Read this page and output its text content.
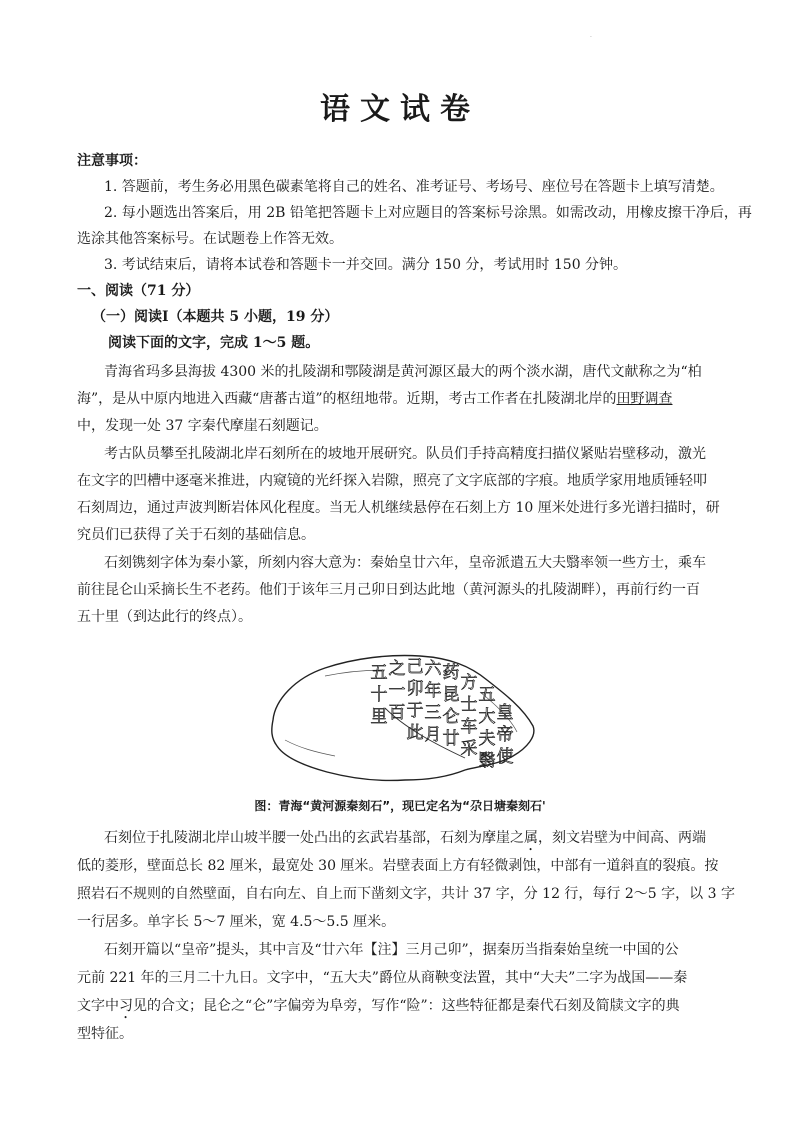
·
语文试卷
注意事项：
1. 答题前，考生务必用黑色碳素笔将自己的姓名、准考证号、考场号、座位号在答题卡上填写清楚。
2. 每小题选出答案后，用 2B 铅笔把答题卡上对应题目的答案标号涂黑。如需改动，用橡皮擦干净后，再
选涂其他答案标号。在试题卷上作答无效。
3. 考试结束后，请将本试卷和答题卡一并交回。满分 150 分，考试用时 150 分钟。
一、阅读（71 分）
（一）阅读Ⅰ（本题共 5 小题，19 分）
阅读下面的文字，完成 1～5 题。
青海省玛多县海拔 4300 米的扎陵湖和鄂陵湖是黄河源区最大的两个淡水湖，唐代文献称之为“柏
海”，是从中原内地进入西藏“唐蕃古道”的枢纽地带。近期，考古工作者在扎陵湖北岸的田野调查
中，发现一处 37 字秦代摩崖石刻题记。
考古队员攀至扎陵湖北岸石刻所在的坡地开展研究。队员们手持高精度扫描仪紧贴岩壁移动，激光
在文字的凹槽中逐毫米推进，内窥镜的光纤探入岩隙，照亮了文字底部的字痕。地质学家用地质锤轻叩
石刻周边，通过声波判断岩体风化程度。当无人机继续悬停在石刻上方 10 厘米处进行多光谱扫描时，研
究员们已获得了关于石刻的基础信息。
石刻镌刻字体为秦小篆，所刻内容大意为：秦始皇廿六年，皇帝派遣五大夫翳率领一些方士，乘车
前往昆仑山采摘长生不老药。他们于该年三月己卯日到达此地（黄河源头的扎陵湖畔），再前行约一百
五十里（到达此行的终点）。
皇
帝
使
五
大
夫
翳
方
士
车
采
药
昆
仑
廿
六
年
三
月
己
卯
于
此
之
一
百
五
十
里
图：青海“黄河源秦刻石”，现已定名为“尕日塘秦刻石'
石刻位于扎陵湖北岸山坡半腰一处凸出的玄武岩基部，石刻为摩崖之属，刻文岩壁为中间高、两端
低的菱形，壁面总长 82 厘米，最宽处 30 厘米。岩壁表面上方有轻微剥蚀，中部有一道斜直的裂痕。按
照岩石不规则的自然壁面，自右向左、自上而下凿刻文字，共计 37 字，分 12 行，每行 2～5 字，以 3 字
一行居多。单字长 5～7 厘米，宽 4.5～5.5 厘米。
石刻开篇以“皇帝”提头，其中言及“廿六年【注】三月己卯”，据秦历当指秦始皇统一中国的公
元前 221 年的三月二十九日。文字中，“五大夫”爵位从商鞅变法置，其中“大夫”二字为战国——秦
文字中习见的合文；昆仑之“仑”字偏旁为阜旁，写作“险”：这些特征都是秦代石刻及简牍文字的典
型特征。
